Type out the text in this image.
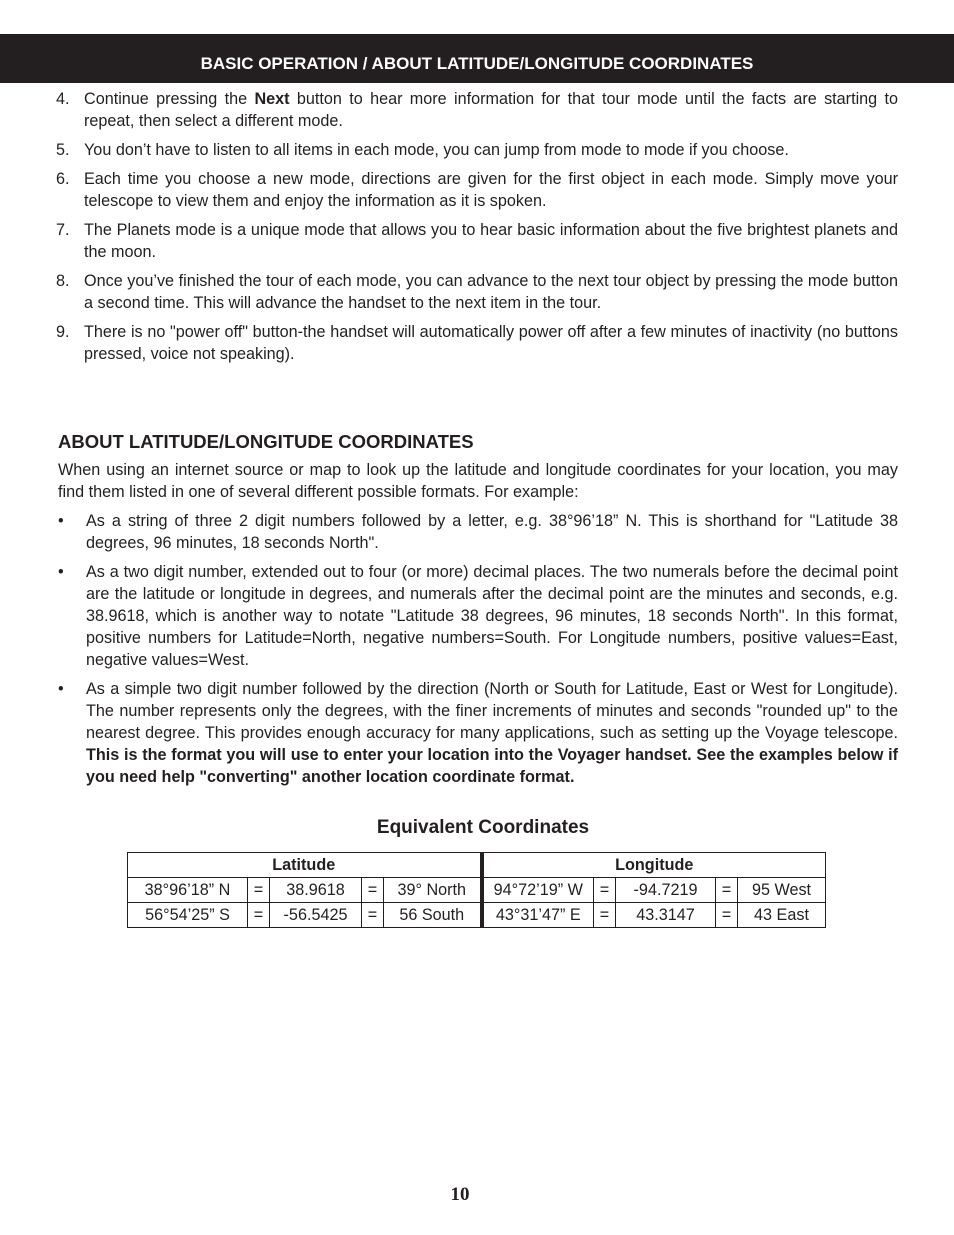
BASIC OPERATION / ABOUT LATITUDE/LONGITUDE COORDINATES
4. Continue pressing the Next button to hear more information for that tour mode until the facts are starting to repeat, then select a different mode.
5. You don’t have to listen to all items in each mode, you can jump from mode to mode if you choose.
6. Each time you choose a new mode, directions are given for the first object in each mode. Simply move your telescope to view them and enjoy the information as it is spoken.
7. The Planets mode is a unique mode that allows you to hear basic information about the five brightest planets and the moon.
8. Once you’ve finished the tour of each mode, you can advance to the next tour object by pressing the mode button a second time. This will advance the handset to the next item in the tour.
9. There is no "power off" button-the handset will automatically power off after a few minutes of inactivity (no buttons pressed, voice not speaking).
ABOUT LATITUDE/LONGITUDE COORDINATES

When using an internet source or map to look up the latitude and longitude coordinates for your location, you may find them listed in one of several different possible formats. For example:

• As a string of three 2 digit numbers followed by a letter, e.g. 38°96’18” N. This is shorthand for "Latitude 38 degrees, 96 minutes, 18 seconds North".
• As a two digit number, extended out to four (or more) decimal places. The two numerals before the decimal point are the latitude or longitude in degrees, and numerals after the decimal point are the minutes and seconds, e.g. 38.9618, which is another way to notate "Latitude 38 degrees, 96 minutes, 18 seconds North". In this format, positive numbers for Latitude=North, negative numbers=South. For Longitude numbers, positive values=East, negative values=West.
• As a simple two digit number followed by the direction (North or South for Latitude, East or West for Longitude). The number represents only the degrees, with the finer increments of minutes and seconds "rounded up" to the nearest degree. This provides enough accuracy for many applications, such as setting up the Voyage telescope. This is the format you will use to enter your location into the Voyager handset. See the examples below if you need help "converting" another location coordinate format.
Equivalent Coordinates
Latitude					Longitude				
38°96’18” N	=	38.9618	=	39° North	94°72’19” W	=	-94.7219	=	95 West
56°54’25” S	=	-56.5425	=	56 South	43°31’47” E	=	43.3147	=	43 East
10
